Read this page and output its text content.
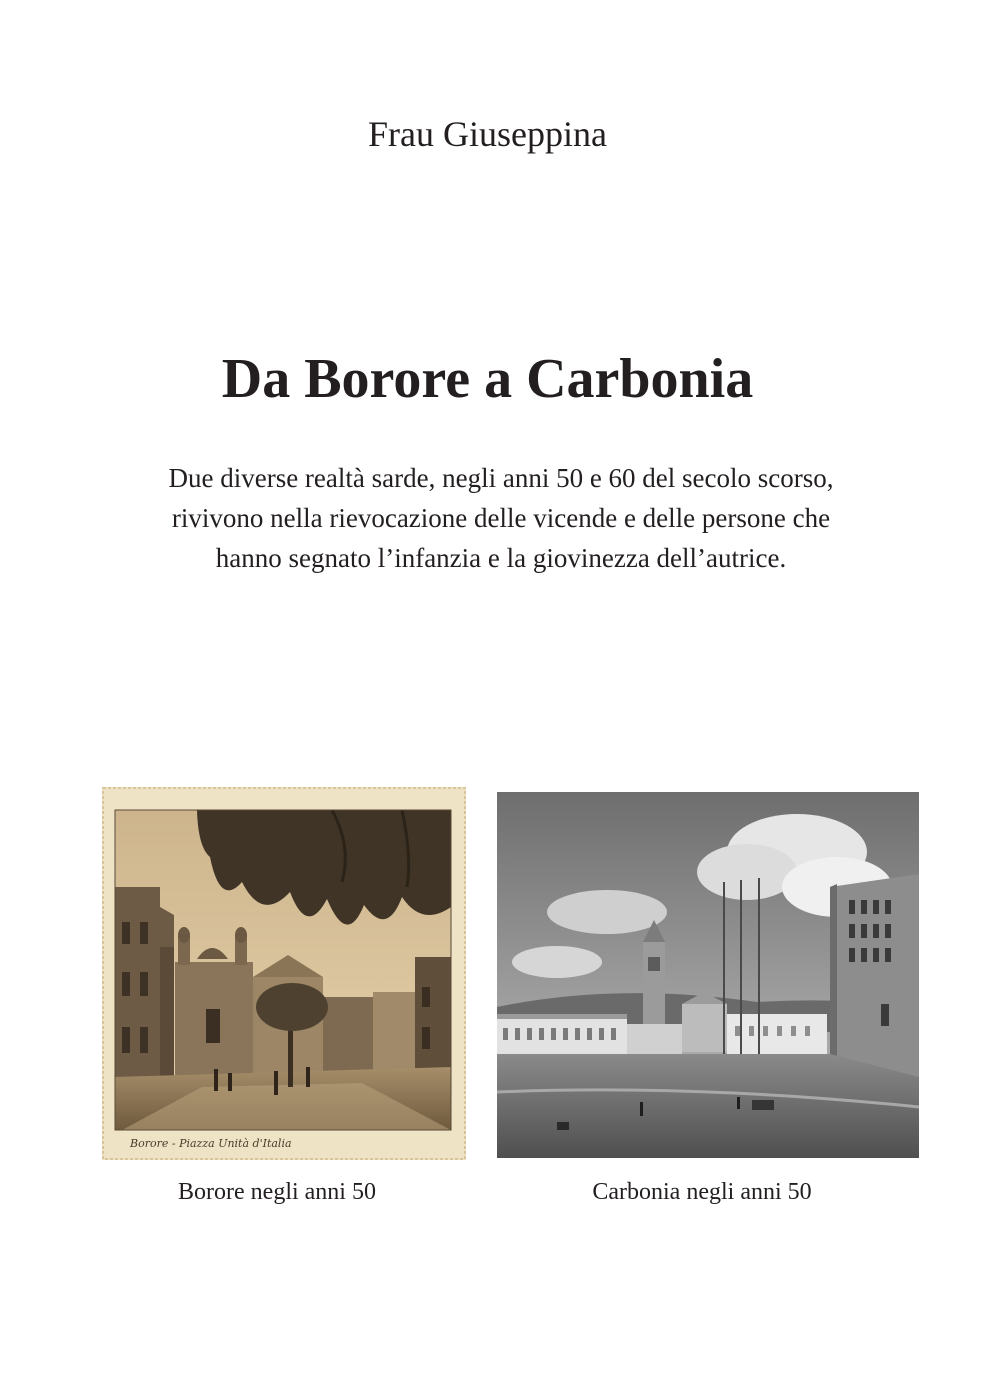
Frau Giuseppina
Da Borore a Carbonia
Due diverse realtà sarde, negli anni 50 e 60 del secolo scorso, rivivono nella rievocazione delle vicende e delle persone che hanno segnato l’infanzia e la giovinezza dell’autrice.
Borore - Piazza Unità d'Italia
Borore negli anni 50	Carbonia negli anni 50
